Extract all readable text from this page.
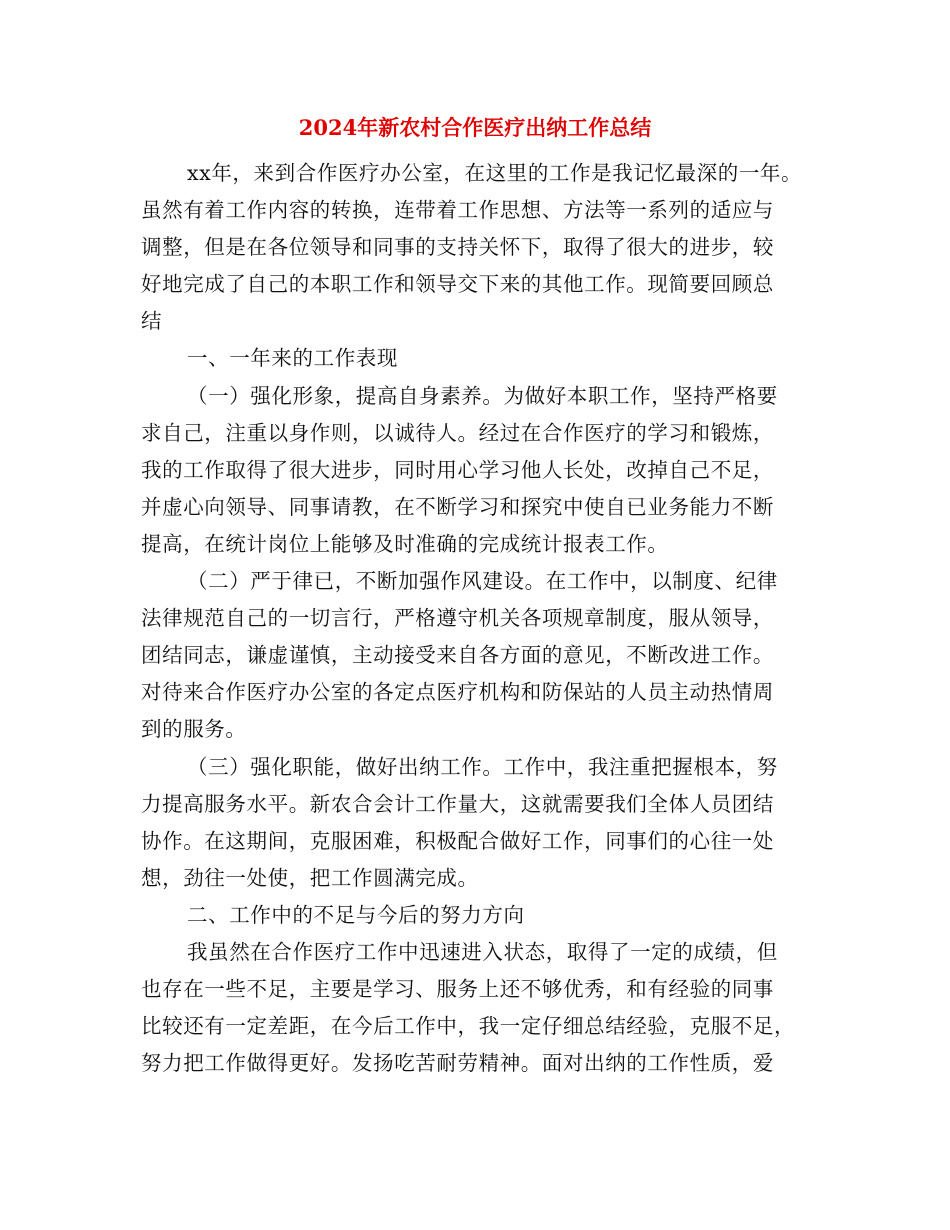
2024年新农村合作医疗出纳工作总结
xx年，来到合作医疗办公室，在这里的工作是我记忆最深的一年。
虽然有着工作内容的转换，连带着工作思想、方法等一系列的适应与
调整，但是在各位领导和同事的支持关怀下，取得了很大的进步，较
好地完成了自己的本职工作和领导交下来的其他工作。现简要回顾总
结
一、一年来的工作表现
（一）强化形象，提高自身素养。为做好本职工作，坚持严格要
求自己，注重以身作则，以诚待人。经过在合作医疗的学习和锻炼，
我的工作取得了很大进步，同时用心学习他人长处，改掉自己不足，
并虚心向领导、同事请教，在不断学习和探究中使自已业务能力不断
提高，在统计岗位上能够及时准确的完成统计报表工作。
（二）严于律已，不断加强作风建设。在工作中，以制度、纪律
法律规范自己的一切言行，严格遵守机关各项规章制度，服从领导，
团结同志，谦虚谨慎，主动接受来自各方面的意见，不断改进工作。
对待来合作医疗办公室的各定点医疗机构和防保站的人员主动热情周
到的服务。
（三）强化职能，做好出纳工作。工作中，我注重把握根本，努
力提高服务水平。新农合会计工作量大，这就需要我们全体人员团结
协作。在这期间，克服困难，积极配合做好工作，同事们的心往一处
想，劲往一处使，把工作圆满完成。
二、工作中的不足与今后的努力方向
我虽然在合作医疗工作中迅速进入状态，取得了一定的成绩，但
也存在一些不足，主要是学习、服务上还不够优秀，和有经验的同事
比较还有一定差距，在今后工作中，我一定仔细总结经验，克服不足，
努力把工作做得更好。发扬吃苦耐劳精神。面对出纳的工作性质，爱
